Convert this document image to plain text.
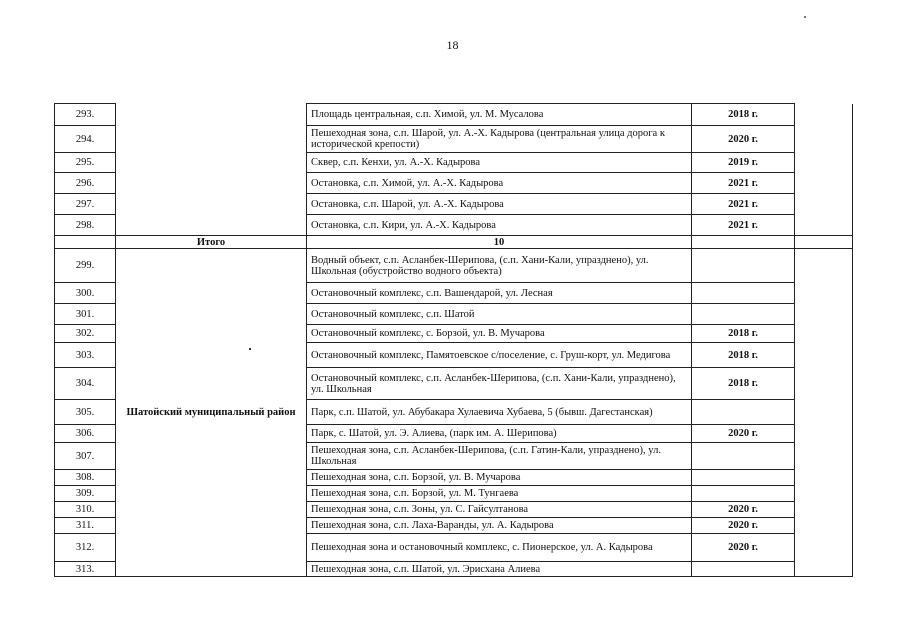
18
293.		Площадь центральная, с.п. Химой, ул. М. Мусалова	2018 г.	
294.		Пешеходная зона, с.п. Шарой, ул. А.-Х. Кадырова (центральная улица дорога к исторической крепости)	2020 г.	
295.		Сквер, с.п. Кенхи, ул. А.-Х. Кадырова	2019 г.	
296.		Остановка, с.п. Химой, ул. А.-Х. Кадырова	2021 г.	
297.		Остановка, с.п. Шарой, ул. А.-Х. Кадырова	2021 г.	
298.		Остановка, с.п. Кири, ул. А.-Х. Кадырова	2021 г.	
	Итого	10		
299.	Шатойский муниципальный район	Водный объект, с.п. Асланбек-Шерипова, (с.п. Хани-Кали, упразднено), ул. Школьная (обустройство водного объекта)		
300.		Остановочный комплекс, с.п. Вашендарой, ул. Лесная		
301.		Остановочный комплекс, с.п. Шатой		
302.		Остановочный комплекс, с. Борзой, ул. В. Мучарова	2018 г.	
303.		Остановочный комплекс, Памятоевское с/поселение, с. Груш-корт, ул. Медигова	2018 г.	
304.		Остановочный комплекс, с.п. Асланбек-Шерипова, (с.п. Хани-Кали, упразднено), ул. Школьная	2018 г.	
305.		Парк, с.п. Шатой, ул. Абубакара Хулаевича Хубаева, 5 (бывш. Дагестанская)		
306.		Парк, с. Шатой, ул. Э. Алиева, (парк им. А. Шерипова)	2020 г.	
307.		Пешеходная зона, с.п. Асланбек-Шерипова, (с.п. Гатин-Кали, упразднено), ул. Школьная		
308.		Пешеходная зона, с.п. Борзой, ул. В. Мучарова		
309.		Пешеходная зона, с.п. Борзой, ул. М. Тунгаева		
310.		Пешеходная зона, с.п. Зоны, ул. С. Гайсултанова	2020 г.	
311.		Пешеходная зона, с.п. Лаха-Варанды, ул. А. Кадырова	2020 г.	
312.		Пешеходная зона и остановочный комплекс, с. Пионерское, ул. А. Кадырова	2020 г.	
313.		Пешеходная зона, с.п. Шатой, ул. Эрисхана Алиева		
